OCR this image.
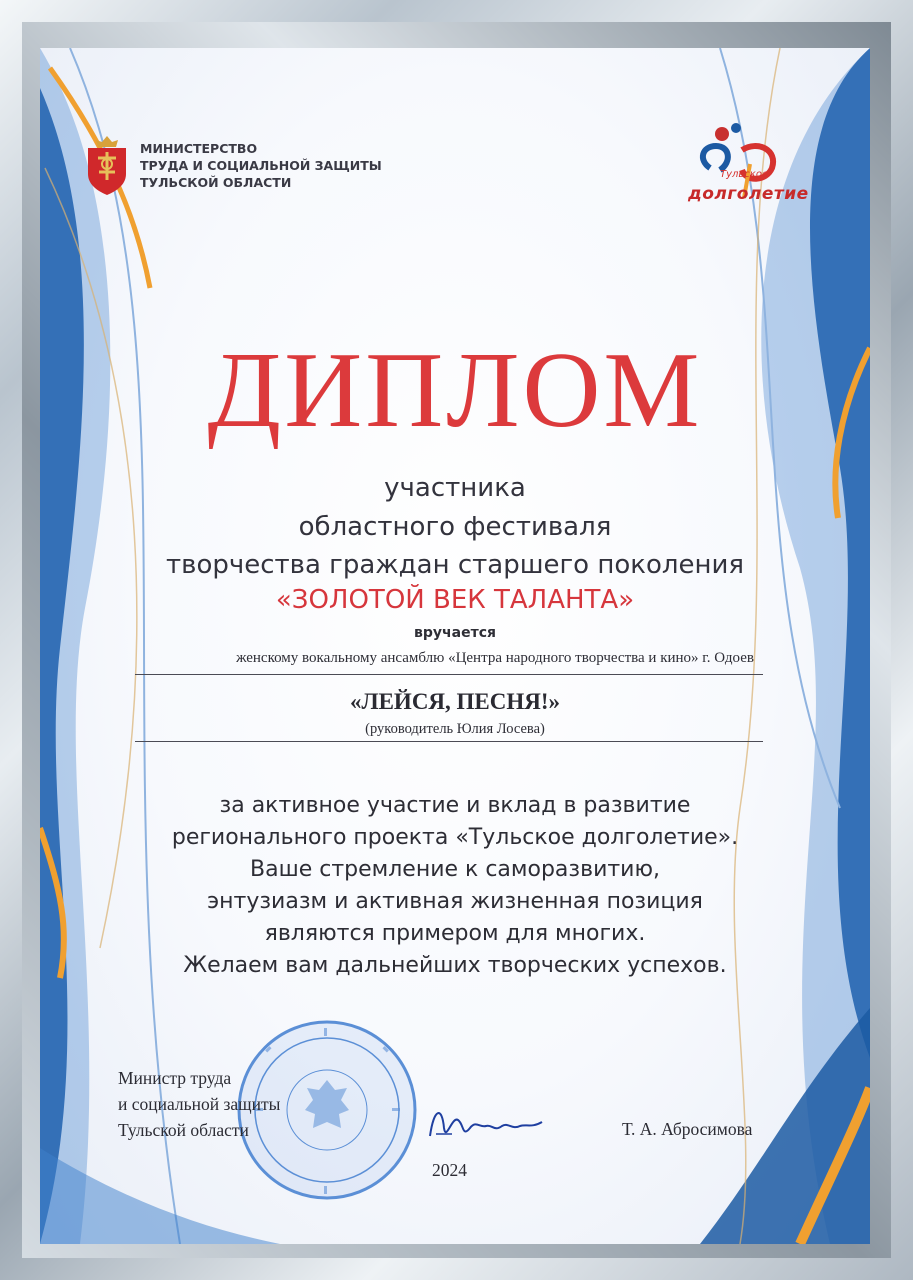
МИНИСТЕРСТВО
ТРУДА И СОЦИАЛЬНОЙ ЗАЩИТЫ
ТУЛЬСКОЙ ОБЛАСТИ
Тульское
долголетие
ДИПЛОМ
участника
областного фестиваля
творчества граждан старшего поколения
«ЗОЛОТОЙ ВЕК ТАЛАНТА»
вручается
женскому вокальному ансамблю «Центра народного творчества и кино» г. Одоев
«ЛЕЙСЯ, ПЕСНЯ!»
(руководитель Юлия Лосева)
за активное участие и вклад в развитие
регионального проекта «Тульское долголетие».
Ваше стремление к саморазвитию,
энтузиазм и активная жизненная позиция
являются примером для многих.
Желаем вам дальнейших творческих успехов.
Министр труда
и социальной защиты
Тульской области	Т. А. Абросимова
2024
